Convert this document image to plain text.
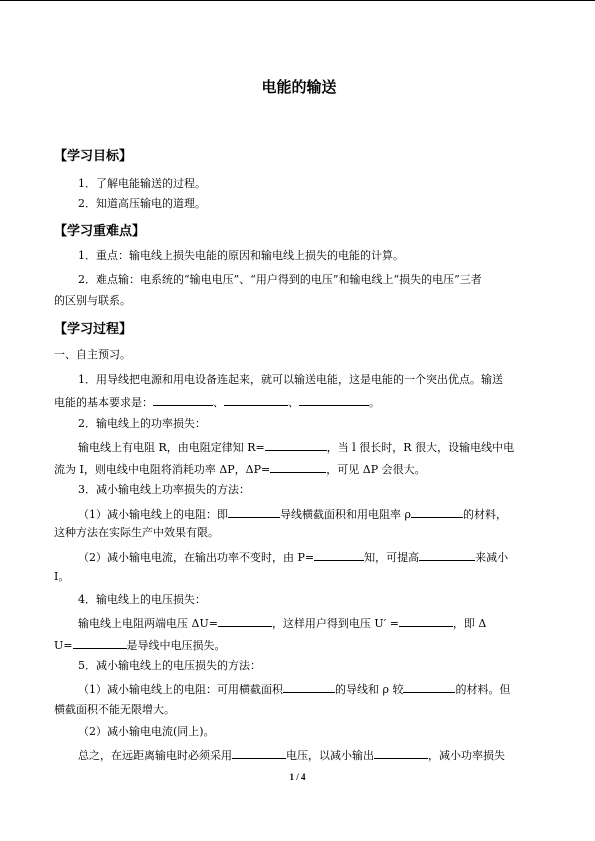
电能的输送
【学习目标】
1．了解电能输送的过程。
2．知道高压输电的道理。
【学习重难点】
1．重点：输电线上损失电能的原因和输电线上损失的电能的计算。
2．难点输：电系统的“输电电压”、“用户得到的电压”和输电线上“损失的电压”三者
的区别与联系。
【学习过程】
一、自主预习。
1．用导线把电源和用电设备连起来，就可以输送电能，这是电能的一个突出优点。输送
电能的基本要求是：	、	、	。
2．输电线上的功率损失：
输电线上有电阻 R，由电阻定律知 R=	，当 l 很长时，R 很大，设输电线中电
流为 I，则电线中电阻将消耗功率 ΔP，ΔP=	，可见 ΔP 会很大。
3．减小输电线上功率损失的方法：
（1）减小输电线上的电阻：即	导线横截面积和用电阻率 ρ	的材料，
这种方法在实际生产中效果有限。
（2）减小输电电流，在输出功率不变时，由 P=	知，可提高	来减小
I。
4．输电线上的电压损失：
输电线上电阻两端电压 ΔU=	，这样用户得到电压 U′ =	，即 Δ
U=	是导线中电压损失。
5．减小输电线上的电压损失的方法：
（1）减小输电线上的电阻：可用横截面积	的导线和 ρ 较	的材料。但
横截面积不能无限增大。
（2）减小输电电流(同上)。
总之，在远距离输电时必须采用	电压，以减小输出	，减小功率损失
1 / 4
